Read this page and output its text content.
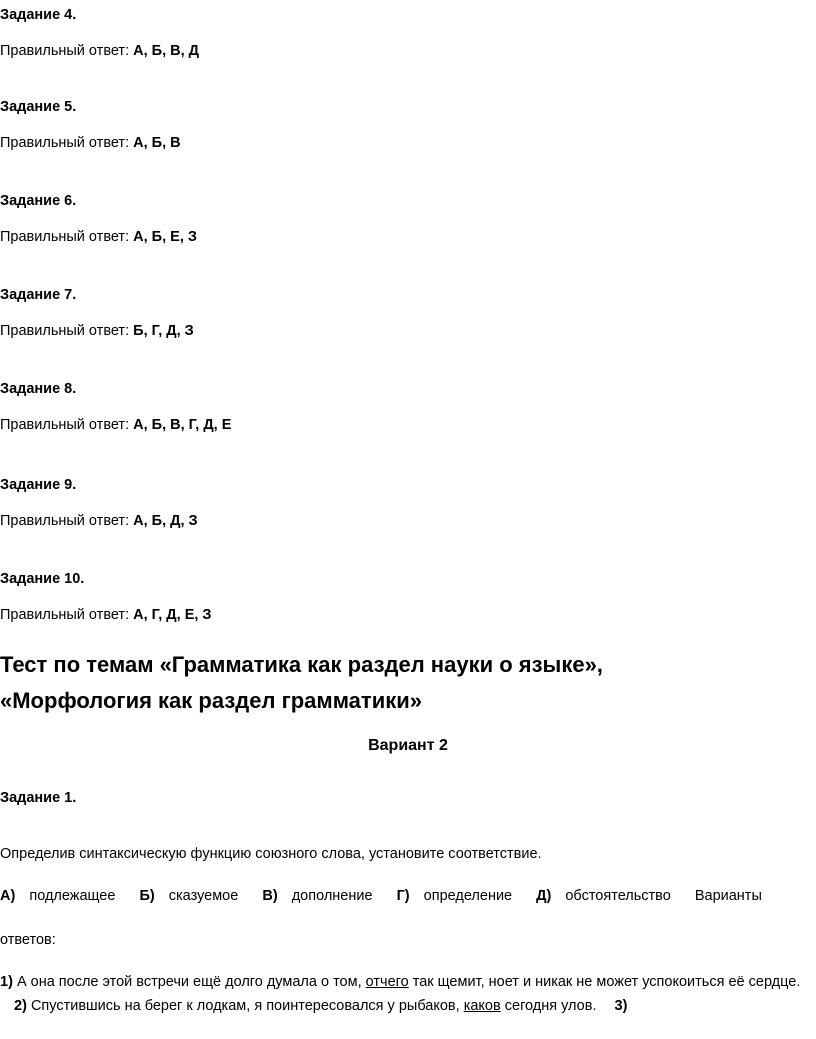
Задание 4.
Правильный ответ: А, Б, В, Д
Задание 5.
Правильный ответ: А, Б, В
Задание 6.
Правильный ответ: А, Б, Е, З
Задание 7.
Правильный ответ: Б, Г, Д, З
Задание 8.
Правильный ответ: А, Б, В, Г, Д, Е
Задание 9.
Правильный ответ: А, Б, Д, З
Задание 10.
Правильный ответ: А, Г, Д, Е, З
Тест по темам «Грамматика как раздел науки о языке»,
«Морфология как раздел грамматики»
Вариант 2
Задание 1.
Определив синтаксическую функцию союзного слова, установите соответствие.
А) подлежащее Б) сказуемое В) дополнение Г) определение Д) обстоятельство Варианты
ответов:
1) А она после этой встречи ещё долго думала о том, отчего так щемит, ноет и никак не может успокоиться её сердце. 2) Спустившись на берег к лодкам, я поинтересовался у рыбаков, каков сегодня улов. 3)
